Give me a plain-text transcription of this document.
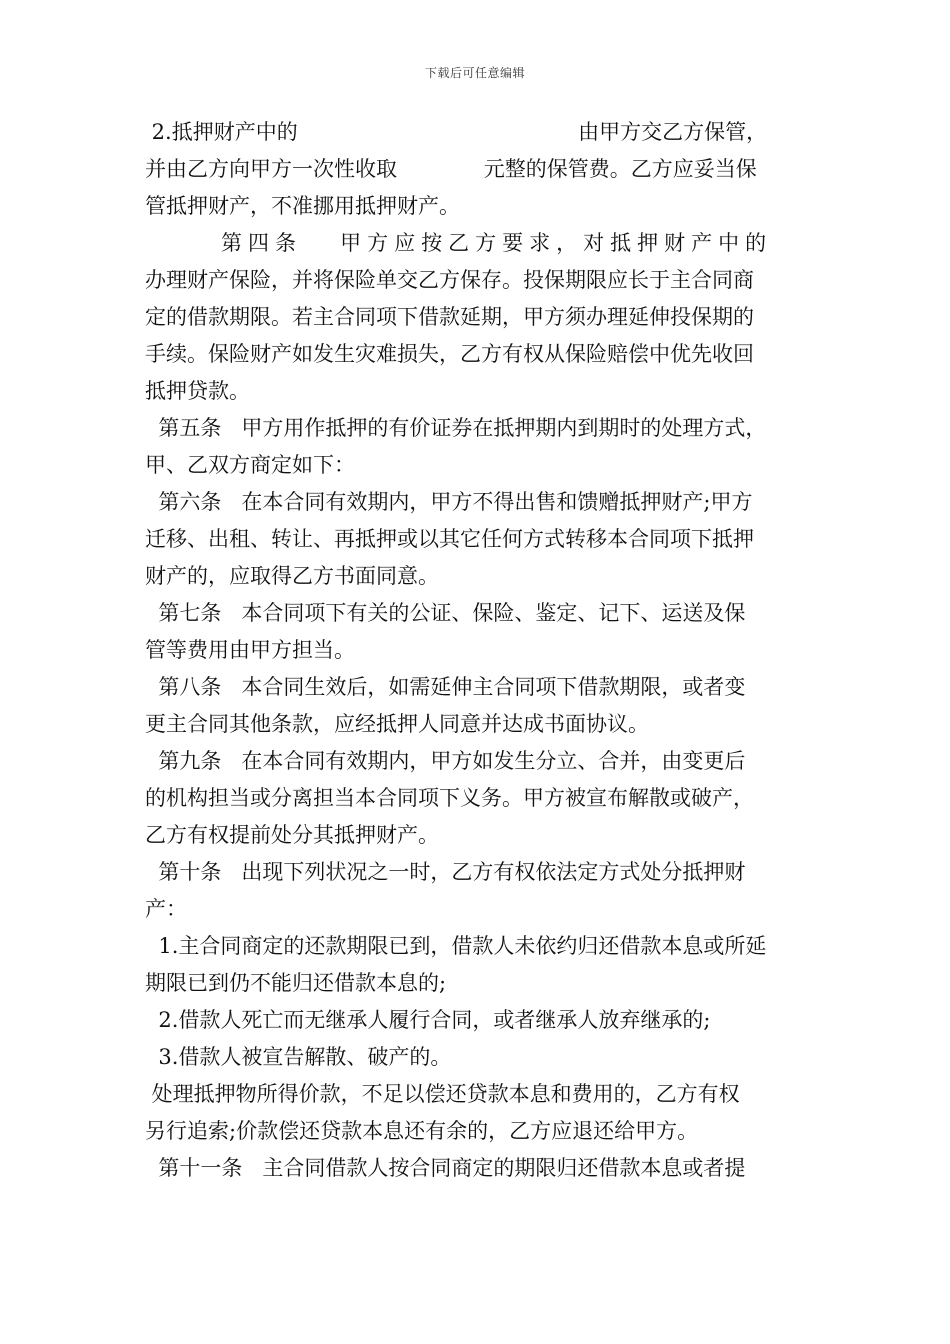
下载后可任意编辑
2.抵押财产中的                                          由甲方交乙方保管，
并由乙方向甲方一次性收取             元整的保管费。乙方应妥当保
管抵押财产，不准挪用抵押财产。
第四条   甲方应按乙方要求，对抵押财产中的
办理财产保险，并将保险单交乙方保存。投保期限应长于主合同商
定的借款期限。若主合同项下借款延期，甲方须办理延伸投保期的
手续。保险财产如发生灾难损失，乙方有权从保险赔偿中优先收回
抵押贷款。
第五条   甲方用作抵押的有价证券在抵押期内到期时的处理方式，
甲、乙双方商定如下：
第六条   在本合同有效期内，甲方不得出售和馈赠抵押财产;甲方
迁移、出租、转让、再抵押或以其它任何方式转移本合同项下抵押
财产的，应取得乙方书面同意。
第七条   本合同项下有关的公证、保险、鉴定、记下、运送及保
管等费用由甲方担当。
第八条   本合同生效后，如需延伸主合同项下借款期限，或者变
更主合同其他条款，应经抵押人同意并达成书面协议。
第九条   在本合同有效期内，甲方如发生分立、合并，由变更后
的机构担当或分离担当本合同项下义务。甲方被宣布解散或破产，
乙方有权提前处分其抵押财产。
第十条   出现下列状况之一时，乙方有权依法定方式处分抵押财
产：
1.主合同商定的还款期限已到，借款人未依约归还借款本息或所延
期限已到仍不能归还借款本息的;
2.借款人死亡而无继承人履行合同，或者继承人放弃继承的;
3.借款人被宣告解散、破产的。
处理抵押物所得价款，不足以偿还贷款本息和费用的，乙方有权
另行追索;价款偿还贷款本息还有余的，乙方应退还给甲方。
第十一条   主合同借款人按合同商定的期限归还借款本息或者提
